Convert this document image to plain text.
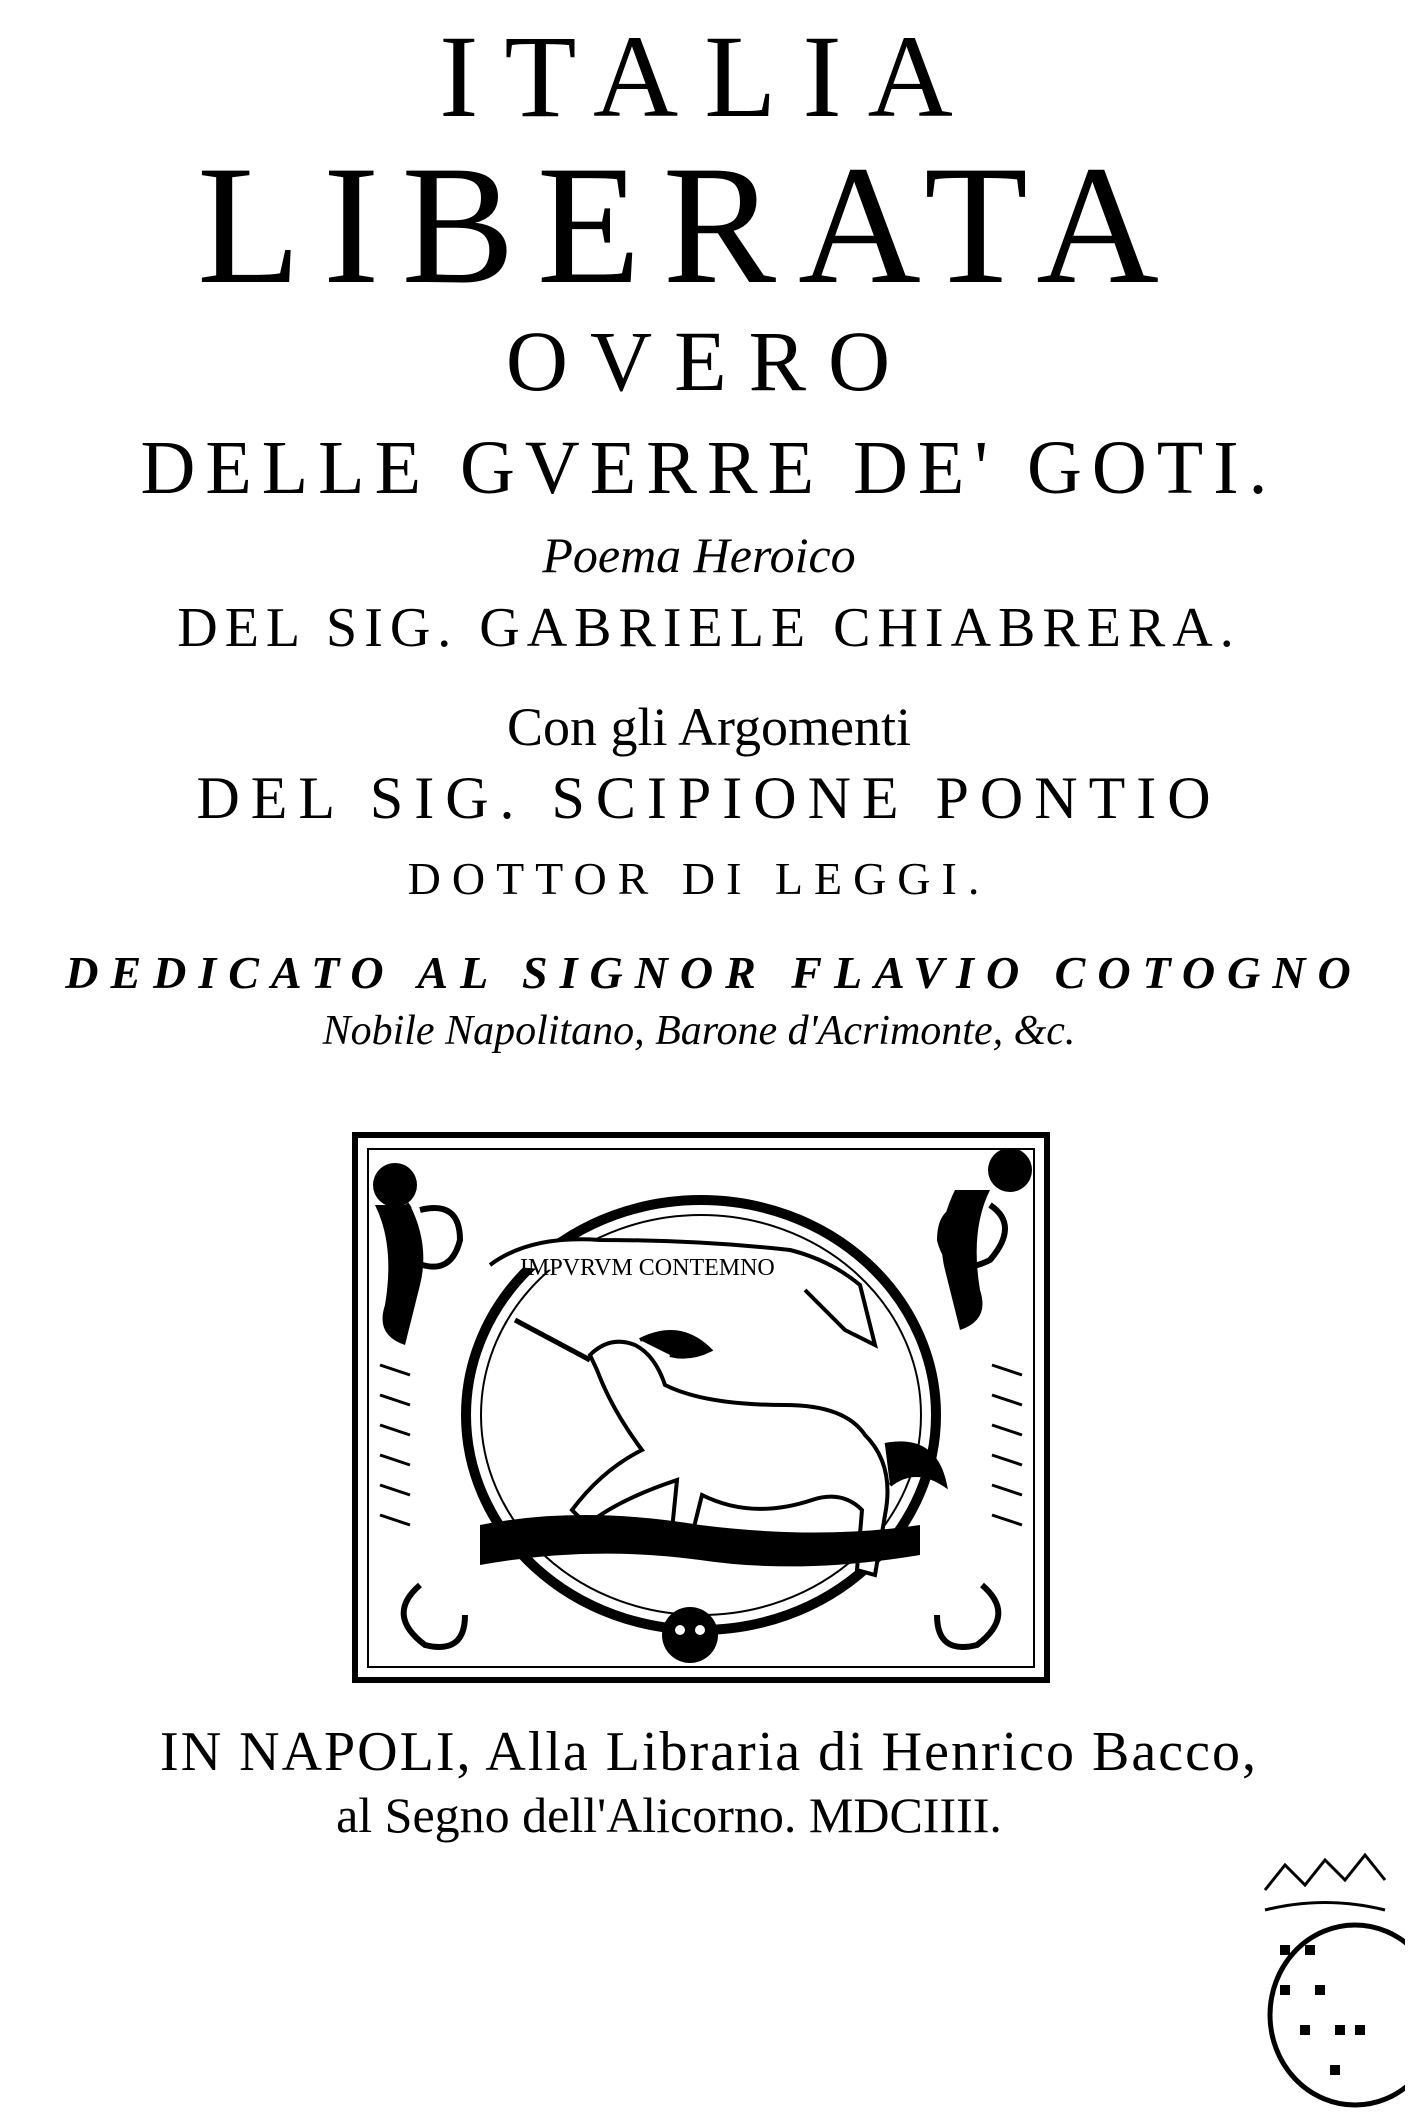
ITALIA
LIBERATA
OVERO
DELLE GVERRE DE' GOTI.
Poema Heroico
DEL SIG. GABRIELE CHIABRERA.
Con gli Argomenti
DEL SIG. SCIPIONE PONTIO
DOTTOR DI LEGGI.
DEDICATO AL SIGNOR FLAVIO COTOGNO
Nobile Napolitano, Barone d'Acrimonte, &c.
IMPVRVM CONTEMNO
IN NAPOLI, Alla Libraria di Henrico Bacco,
al Segno dell'Alicorno. MDCIIII.
